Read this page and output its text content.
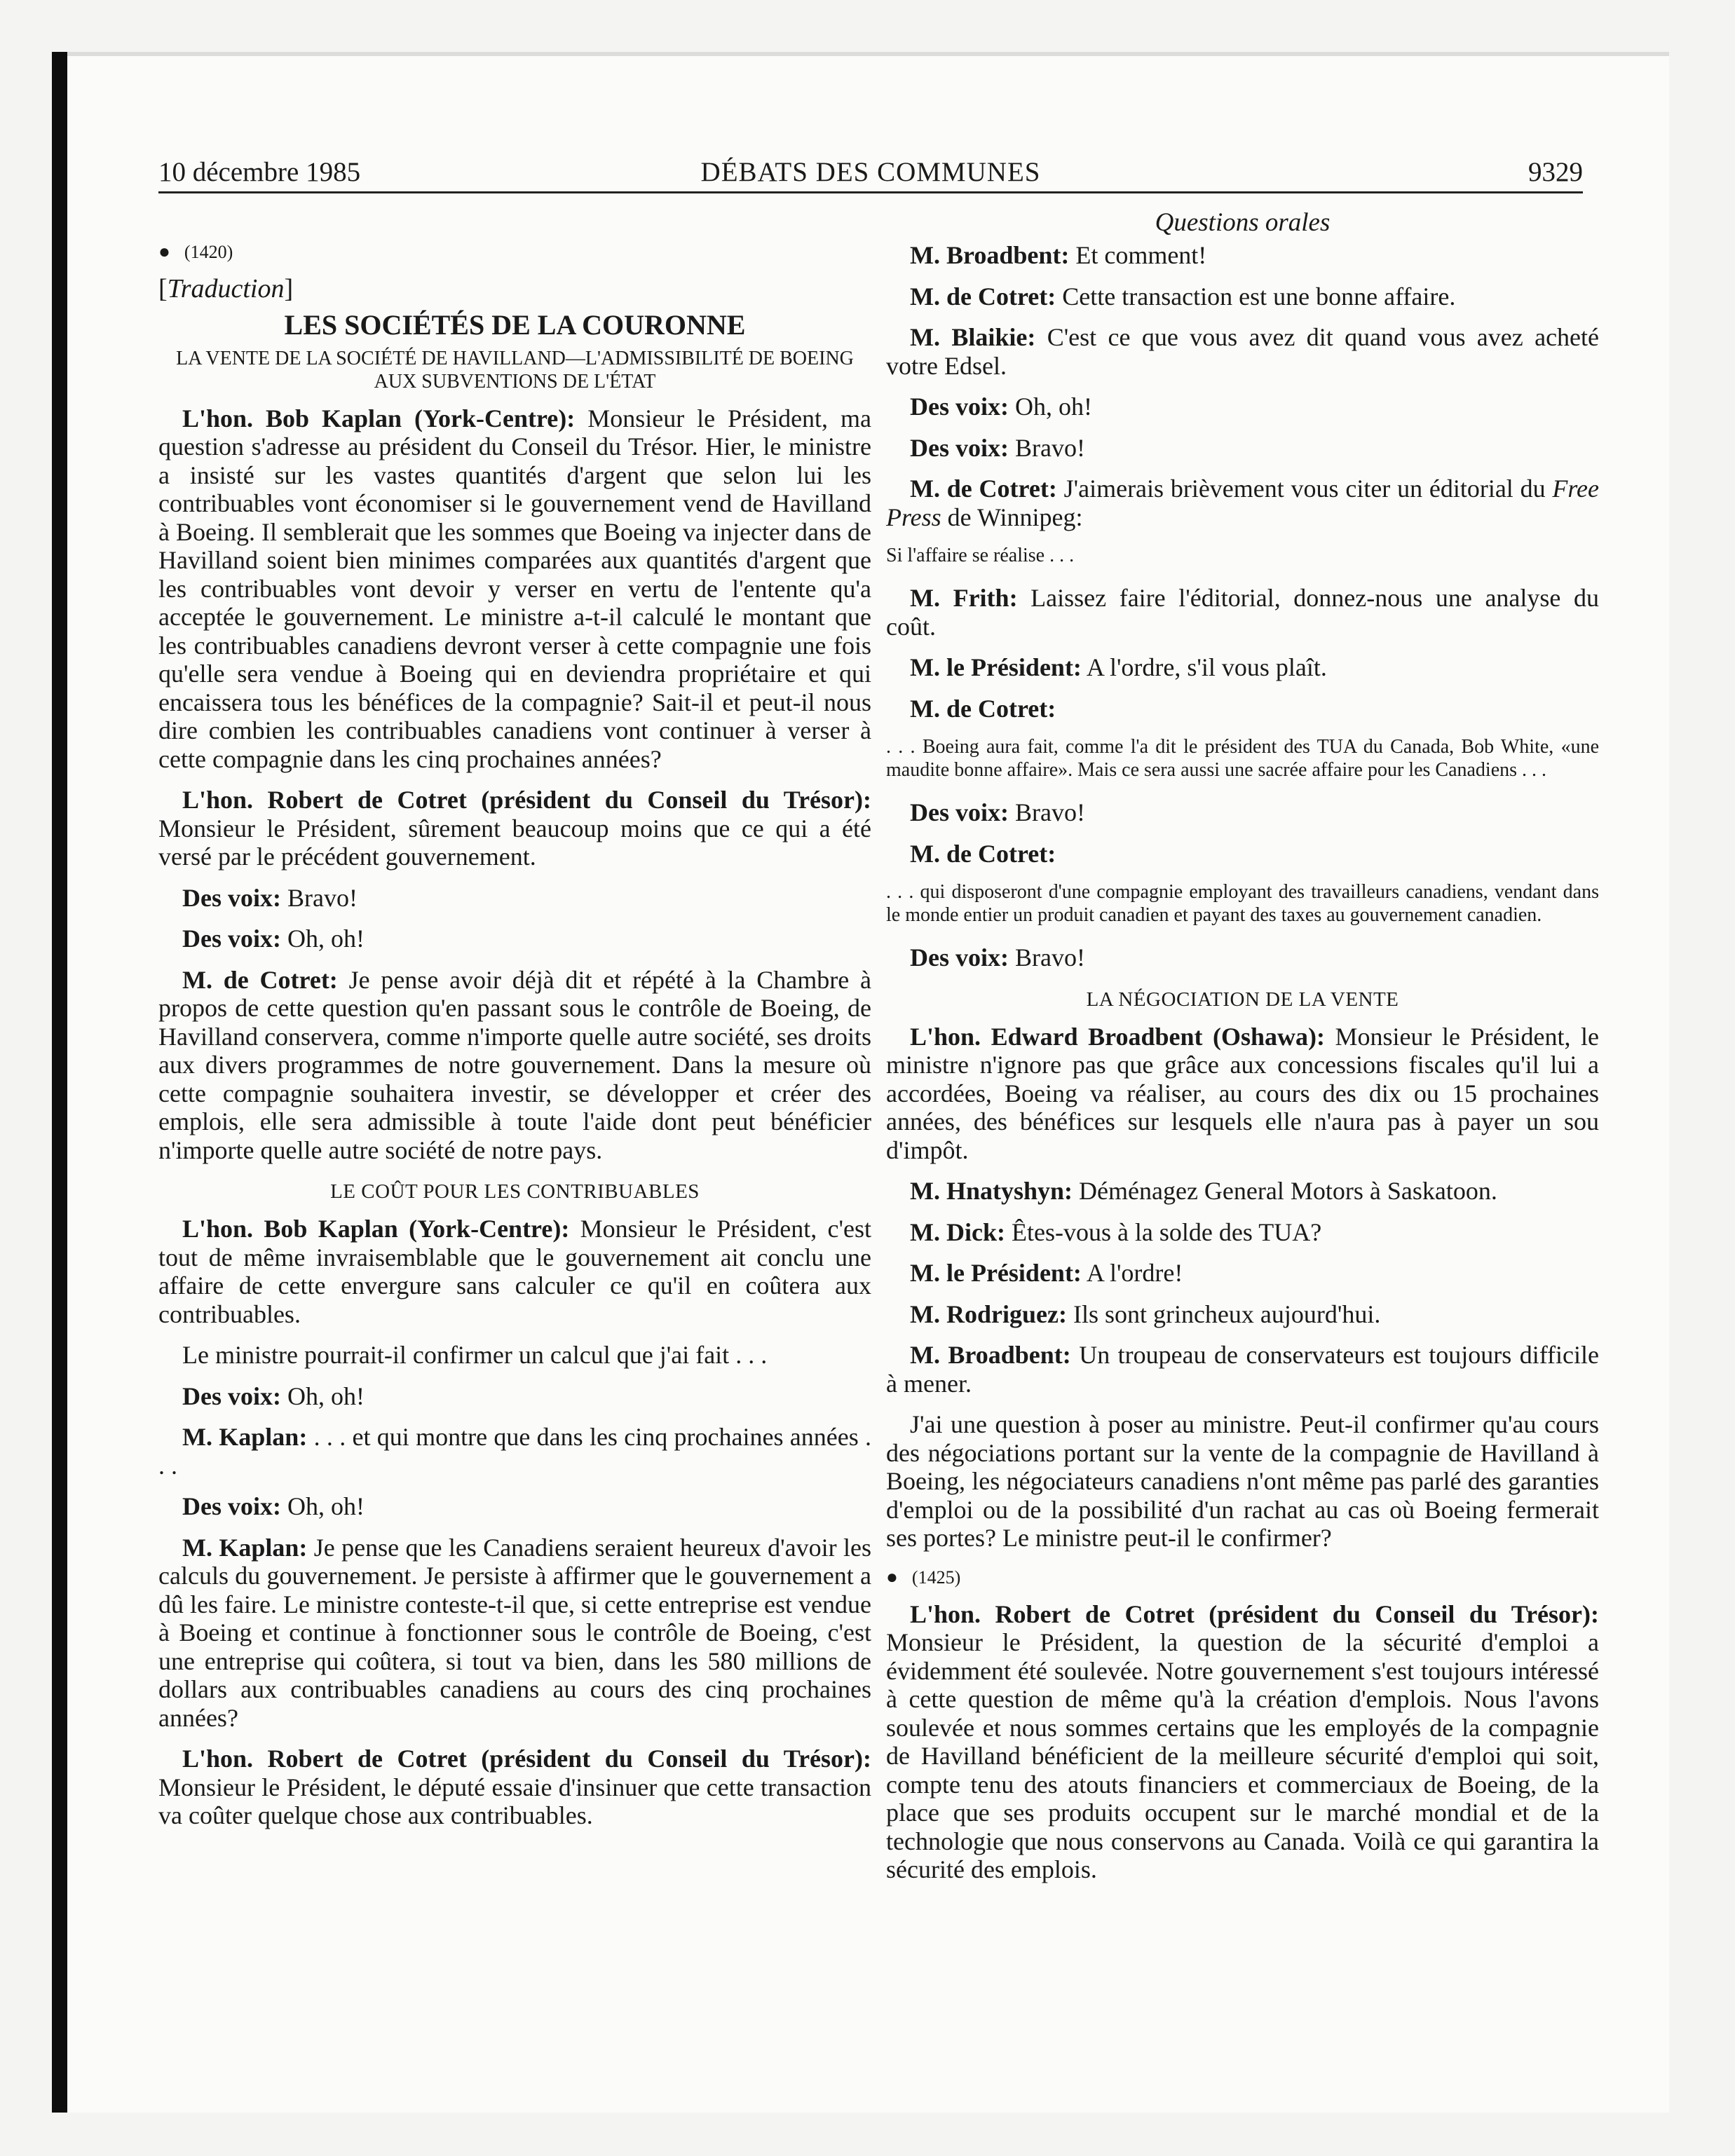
10 décembre 1985	DÉBATS DES COMMUNES	9329
● (1420)
[Traduction]
LES SOCIÉTÉS DE LA COURONNE
LA VENTE DE LA SOCIÉTÉ DE HAVILLAND—L'ADMISSIBILITÉ DE BOEING AUX SUBVENTIONS DE L'ÉTAT

L'hon. Bob Kaplan (York-Centre): Monsieur le Président, ma question s'adresse au président du Conseil du Trésor. Hier, le ministre a insisté sur les vastes quantités d'argent que selon lui les contribuables vont économiser si le gouvernement vend de Havilland à Boeing. Il semblerait que les sommes que Boeing va injecter dans de Havilland soient bien minimes comparées aux quantités d'argent que les contribuables vont devoir y verser en vertu de l'entente qu'a acceptée le gouvernement. Le ministre a-t-il calculé le montant que les contribuables canadiens devront verser à cette compagnie une fois qu'elle sera vendue à Boeing qui en deviendra propriétaire et qui encaissera tous les bénéfices de la compagnie? Sait-il et peut-il nous dire combien les contribuables canadiens vont continuer à verser à cette compagnie dans les cinq prochaines années?

L'hon. Robert de Cotret (président du Conseil du Trésor): Monsieur le Président, sûrement beaucoup moins que ce qui a été versé par le précédent gouvernement.

Des voix: Bravo!

Des voix: Oh, oh!

M. de Cotret: Je pense avoir déjà dit et répété à la Chambre à propos de cette question qu'en passant sous le contrôle de Boeing, de Havilland conservera, comme n'importe quelle autre société, ses droits aux divers programmes de notre gouvernement. Dans la mesure où cette compagnie souhaitera investir, se développer et créer des emplois, elle sera admissible à toute l'aide dont peut bénéficier n'importe quelle autre société de notre pays.

LE COÛT POUR LES CONTRIBUABLES

L'hon. Bob Kaplan (York-Centre): Monsieur le Président, c'est tout de même invraisemblable que le gouvernement ait conclu une affaire de cette envergure sans calculer ce qu'il en coûtera aux contribuables.

Le ministre pourrait-il confirmer un calcul que j'ai fait . . .

Des voix: Oh, oh!

M. Kaplan: . . . et qui montre que dans les cinq prochaines années . . .

Des voix: Oh, oh!

M. Kaplan: Je pense que les Canadiens seraient heureux d'avoir les calculs du gouvernement. Je persiste à affirmer que le gouvernement a dû les faire. Le ministre conteste-t-il que, si cette entreprise est vendue à Boeing et continue à fonctionner sous le contrôle de Boeing, c'est une entreprise qui coûtera, si tout va bien, dans les 580 millions de dollars aux contribuables canadiens au cours des cinq prochaines années?

L'hon. Robert de Cotret (président du Conseil du Trésor): Monsieur le Président, le député essaie d'insinuer que cette transaction va coûter quelque chose aux contribuables.

Questions orales

M. Broadbent: Et comment!

M. de Cotret: Cette transaction est une bonne affaire.

M. Blaikie: C'est ce que vous avez dit quand vous avez acheté votre Edsel.

Des voix: Oh, oh!

Des voix: Bravo!

M. de Cotret: J'aimerais brièvement vous citer un éditorial du Free Press de Winnipeg:

Si l'affaire se réalise . . .

M. Frith: Laissez faire l'éditorial, donnez-nous une analyse du coût.

M. le Président: A l'ordre, s'il vous plaît.

M. de Cotret:

. . . Boeing aura fait, comme l'a dit le président des TUA du Canada, Bob White, «une maudite bonne affaire». Mais ce sera aussi une sacrée affaire pour les Canadiens . . .

Des voix: Bravo!

M. de Cotret:

. . . qui disposeront d'une compagnie employant des travailleurs canadiens, vendant dans le monde entier un produit canadien et payant des taxes au gouvernement canadien.

Des voix: Bravo!

LA NÉGOCIATION DE LA VENTE

L'hon. Edward Broadbent (Oshawa): Monsieur le Président, le ministre n'ignore pas que grâce aux concessions fiscales qu'il lui a accordées, Boeing va réaliser, au cours des dix ou 15 prochaines années, des bénéfices sur lesquels elle n'aura pas à payer un sou d'impôt.

M. Hnatyshyn: Déménagez General Motors à Saskatoon.

M. Dick: Êtes-vous à la solde des TUA?

M. le Président: A l'ordre!

M. Rodriguez: Ils sont grincheux aujourd'hui.

M. Broadbent: Un troupeau de conservateurs est toujours difficile à mener.

J'ai une question à poser au ministre. Peut-il confirmer qu'au cours des négociations portant sur la vente de la compagnie de Havilland à Boeing, les négociateurs canadiens n'ont même pas parlé des garanties d'emploi ou de la possibilité d'un rachat au cas où Boeing fermerait ses portes? Le ministre peut-il le confirmer?

● (1425)

L'hon. Robert de Cotret (président du Conseil du Trésor): Monsieur le Président, la question de la sécurité d'emploi a évidemment été soulevée. Notre gouvernement s'est toujours intéressé à cette question de même qu'à la création d'emplois. Nous l'avons soulevée et nous sommes certains que les employés de la compagnie de Havilland bénéficient de la meilleure sécurité d'emploi qui soit, compte tenu des atouts financiers et commerciaux de Boeing, de la place que ses produits occupent sur le marché mondial et de la technologie que nous conservons au Canada. Voilà ce qui garantira la sécurité des emplois.
